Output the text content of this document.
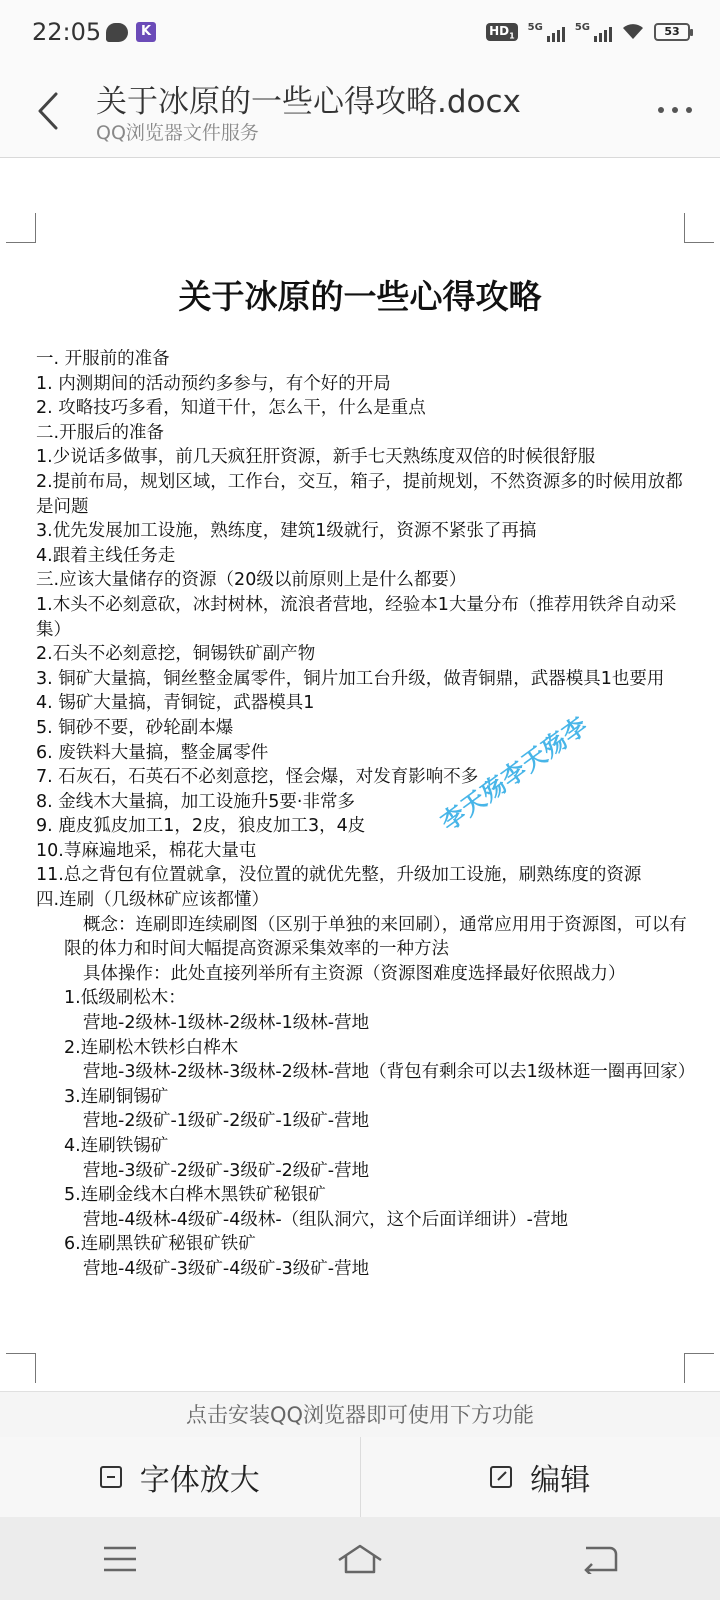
22:05	K	$HD_1$
5G	5G	53
关于冰原的一些心得攻略.docx
QQ浏览器文件服务
关于冰原的一些心得攻略

一. 开服前的准备

1. 内测期间的活动预约多参与，有个好的开局

2. 攻略技巧多看，知道干什，怎么干，什么是重点

二.开服后的准备

1.少说话多做事，前几天疯狂肝资源，新手七天熟练度双倍的时候很舒服

2.提前布局，规划区域，工作台，交互，箱子，提前规划，不然资源多的时候用放都是问题

3.优先发展加工设施，熟练度，建筑1级就行，资源不紧张了再搞

4.跟着主线任务走

三.应该大量储存的资源（20级以前原则上是什么都要）

1.木头不必刻意砍，冰封树林，流浪者营地，经验本1大量分布（推荐用铁斧自动采集）

2.石头不必刻意挖，铜锡铁矿副产物

3. 铜矿大量搞，铜丝整金属零件，铜片加工台升级，做青铜鼎，武器模具1也要用

4. 锡矿大量搞，青铜锭，武器模具1

5. 铜砂不要，砂轮副本爆

6. 废铁料大量搞，整金属零件

7. 石灰石，石英石不必刻意挖，怪会爆，对发育影响不多

8. 金线木大量搞，加工设施升5要·非常多

9. 鹿皮狐皮加工1，2皮，狼皮加工3，4皮

10.荨麻遍地采，棉花大量屯

11.总之背包有位置就拿，没位置的就优先整，升级加工设施，刷熟练度的资源

四.连刷（几级林矿应该都懂）

概念：连刷即连续刷图（区别于单独的来回刷），通常应用用于资源图，可以有限的体力和时间大幅提高资源采集效率的一种方法

具体操作：此处直接列举所有主资源（资源图难度选择最好依照战力）

1.低级刷松木：

营地-2级林-1级林-2级林-1级林-营地

2.连刷松木铁杉白桦木

营地-3级林-2级林-3级林-2级林-营地（背包有剩余可以去1级林逛一圈再回家）

3.连刷铜锡矿

营地-2级矿-1级矿-2级矿-1级矿-营地

4.连刷铁锡矿

营地-3级矿-2级矿-3级矿-2级矿-营地

5.连刷金线木白桦木黑铁矿秘银矿

营地-4级林-4级矿-4级林-（组队洞穴，这个后面详细讲）-营地

6.连刷黑铁矿秘银矿铁矿

营地-4级矿-3级矿-4级矿-3级矿-营地

李天殇李天殇李
点击安装QQ浏览器即可使用下方功能
字体放大	编辑
